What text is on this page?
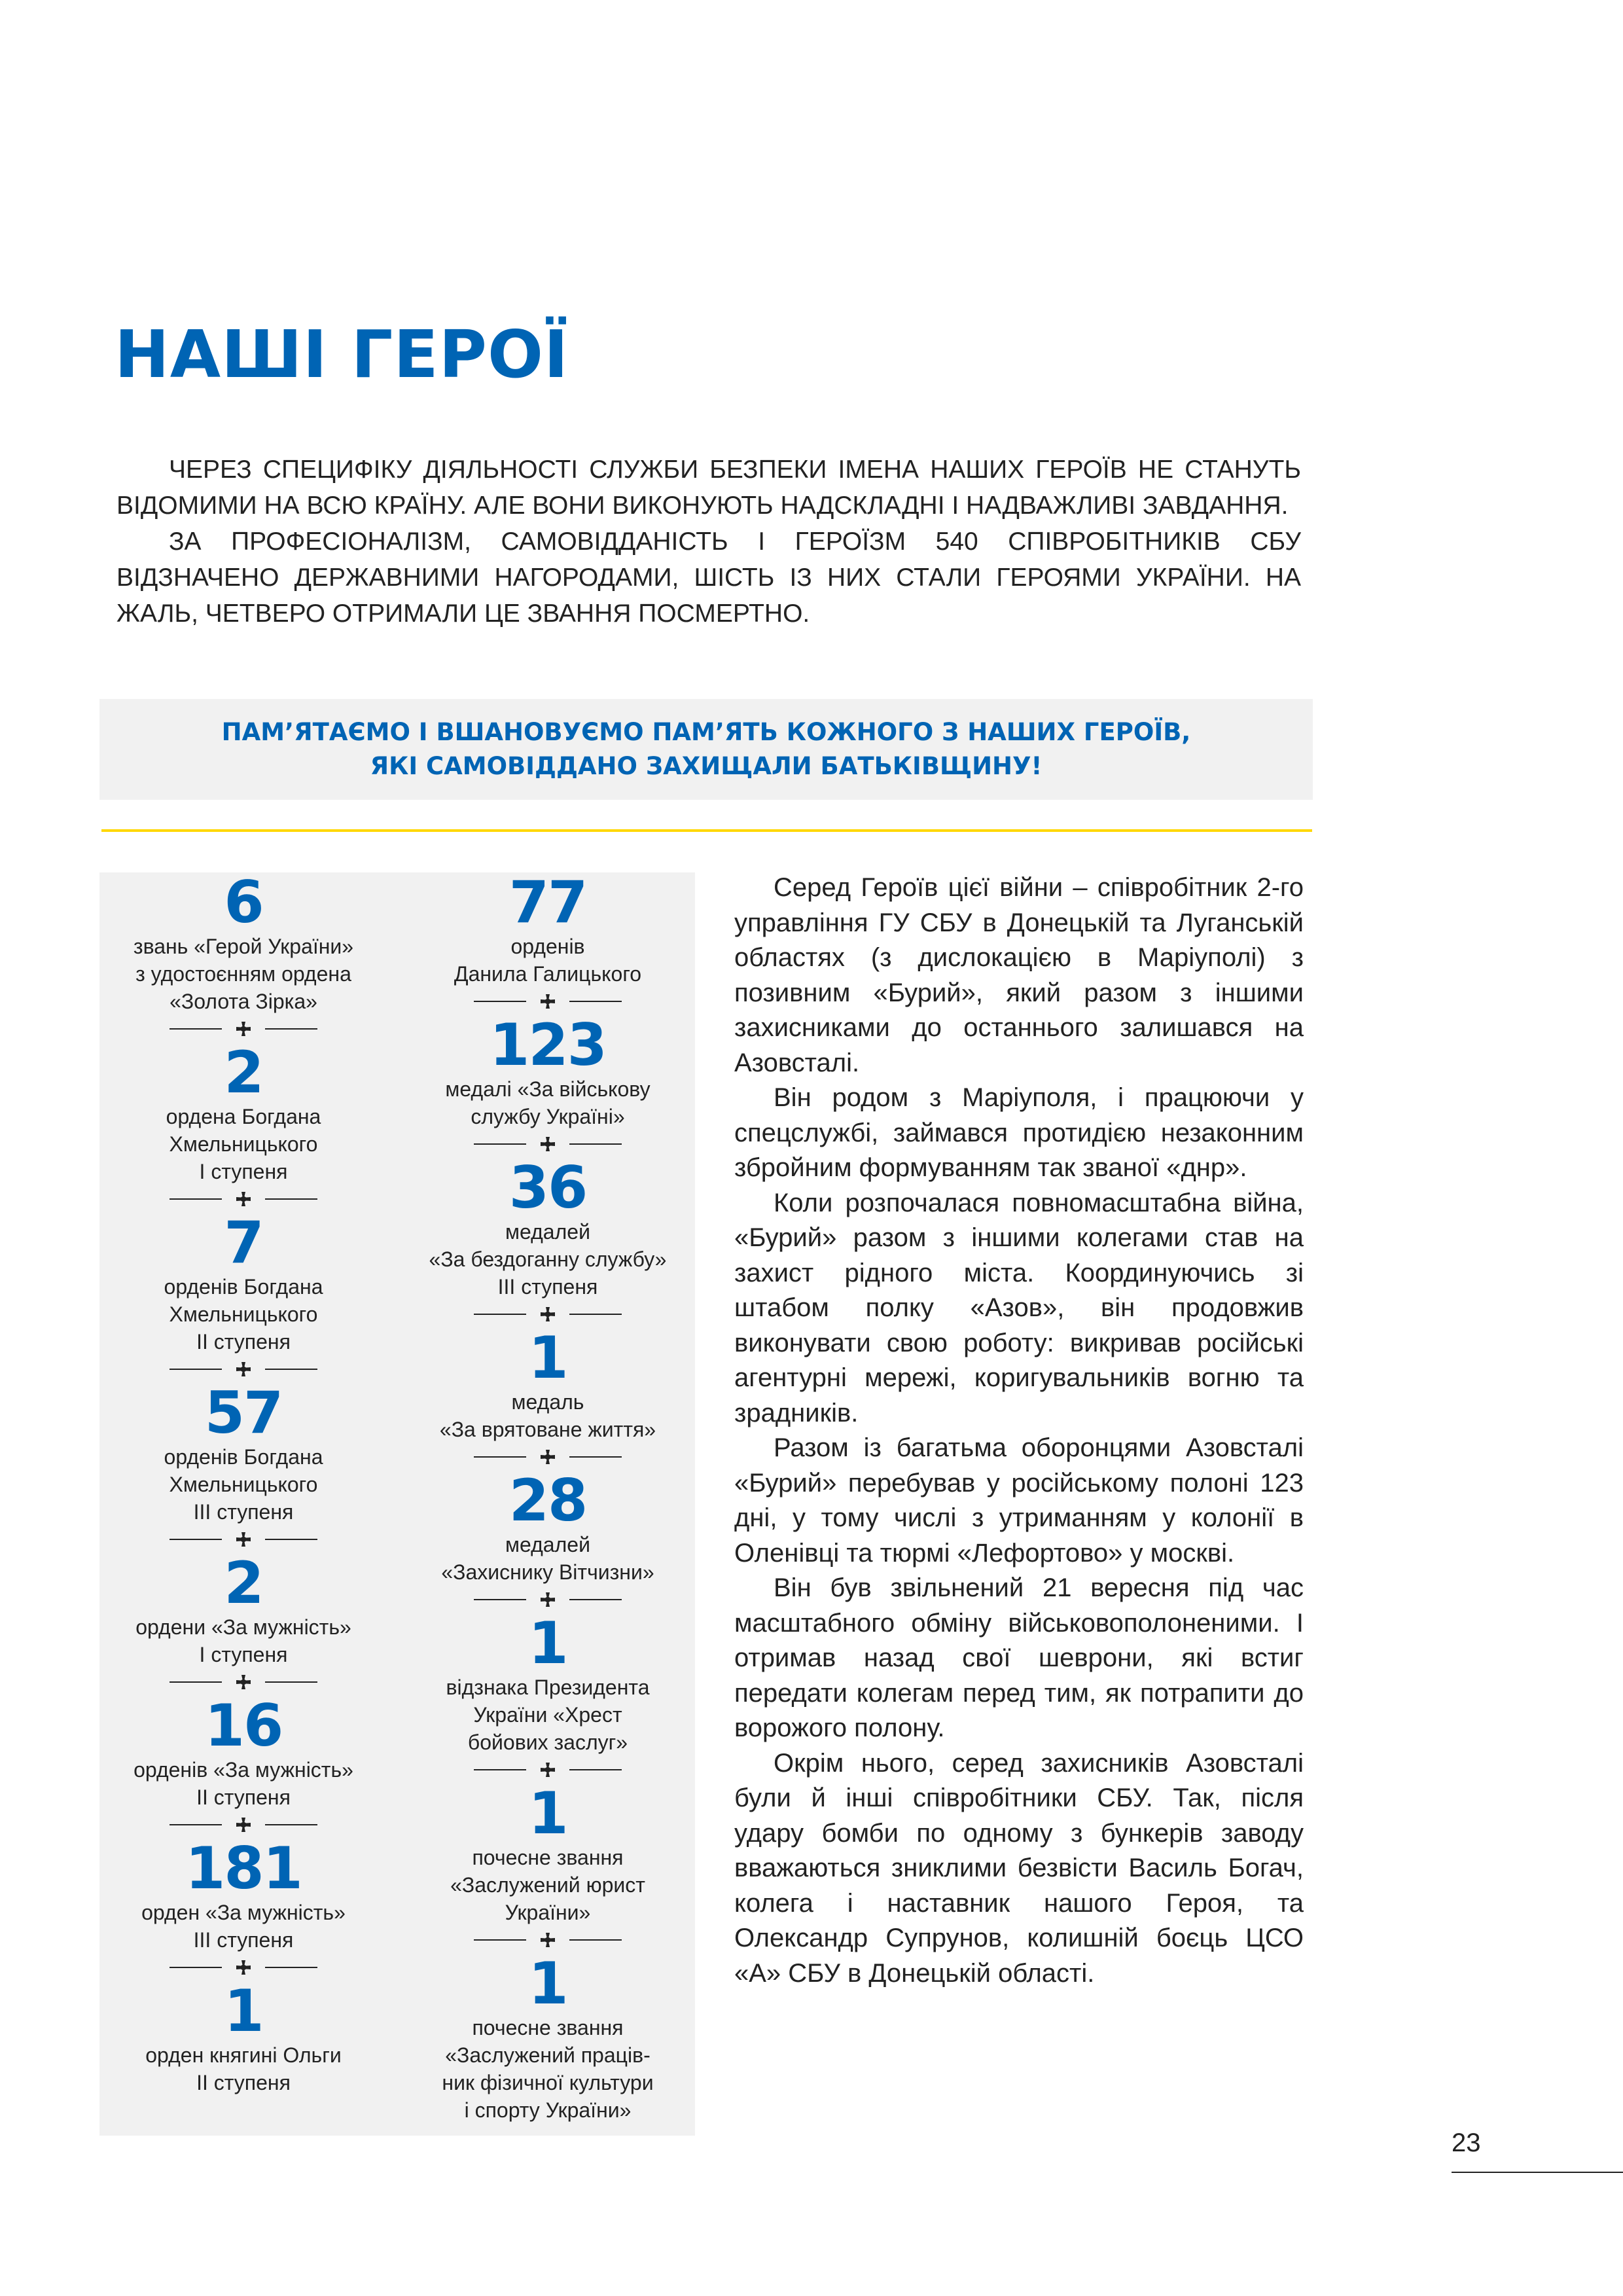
НАШІ ГЕРОЇ

ЧЕРЕЗ СПЕЦИФІКУ ДІЯЛЬНОСТІ СЛУЖБИ БЕЗПЕКИ ІМЕНА НАШИХ ГЕРОЇВ НЕ СТАНУТЬ ВІДОМИМИ НА ВСЮ КРАЇНУ. АЛЕ ВОНИ ВИКОНУЮТЬ НАДСКЛАДНІ І НАДВАЖЛИВІ ЗАВДАННЯ.

ЗА ПРОФЕСІОНАЛІЗМ, САМОВІДДАНІСТЬ І ГЕРОЇЗМ 540 СПІВРОБІТНИКІВ СБУ ВІДЗНАЧЕНО ДЕРЖАВНИМИ НАГОРОДАМИ, ШІСТЬ ІЗ НИХ СТАЛИ ГЕРОЯМИ УКРАЇНИ. НА ЖАЛЬ, ЧЕТВЕРО ОТРИМАЛИ ЦЕ ЗВАННЯ ПОСМЕРТНО.

ПАМ’ЯТАЄМО І ВШАНОВУЄМО ПАМ’ЯТЬ КОЖНОГО З НАШИХ ГЕРОЇВ,
ЯКІ САМОВІДДАНО ЗАХИЩАЛИ БАТЬКІВЩИНУ!
6
звань «Герой України»
з удостоєнням ордена
«Золота Зірка»
2
ордена Богдана
Хмельницького
І ступеня
7
орденів Богдана
Хмельницького
ІІ ступеня
57
орденів Богдана
Хмельницького
ІІІ ступеня
2
ордени «За мужність»
І ступеня
16
орденів «За мужність»
ІІ ступеня
181
орден «За мужність»
ІІІ ступеня
1
орден княгині Ольги
ІІ ступеня
77
орденів
Данила Галицького
123
медалі «За військову
службу Україні»
36
медалей
«За бездоганну службу»
ІІІ ступеня
1
медаль
«За врятоване життя»
28
медалей
«Захиснику Вітчизни»
1
відзнака Президента
України «Хрест
бойових заслуг»
1
почесне звання
«Заслужений юрист
України»
1
почесне звання
«Заслужений праців-
ник фізичної культури
і спорту України»

Серед Героїв цієї війни – співробітник 2-го управління ГУ СБУ в Донецькій та Луганській областях (з дислокацією в Маріуполі) з позивним «Бурий», який разом з іншими захисниками до останнього залишався на Азовсталі.

Він родом з Маріуполя, і працюючи у спецслужбі, займався протидією незаконним збройним формуванням так званої «днр».

Коли розпочалася повномасштабна війна, «Бурий» разом з іншими колегами став на захист рідного міста. Координуючись зі штабом полку «Азов», він продовжив виконувати свою роботу: викривав російські агентурні мережі, коригувальників вогню та зрадників.

Разом із багатьма оборонцями Азовсталі «Бурий» перебував у російському полоні 123 дні, у тому числі з утриманням у колонії в Оленівці та тюрмі «Лефортово» у москві.

Він був звільнений 21 вересня під час масштабного обміну військовополоненими. І отримав назад свої шеврони, які встиг передати колегам перед тим, як потрапити до ворожого полону.

Окрім нього, серед захисників Азовсталі були й інші співробітники СБУ. Так, після удару бомби по одному з бункерів заводу вважаються зниклими безвісти Василь Богач, колега і наставник нашого Героя, та Олександр Супрунов, колишній боєць ЦСО «А» СБУ в Донецькій області.

23
